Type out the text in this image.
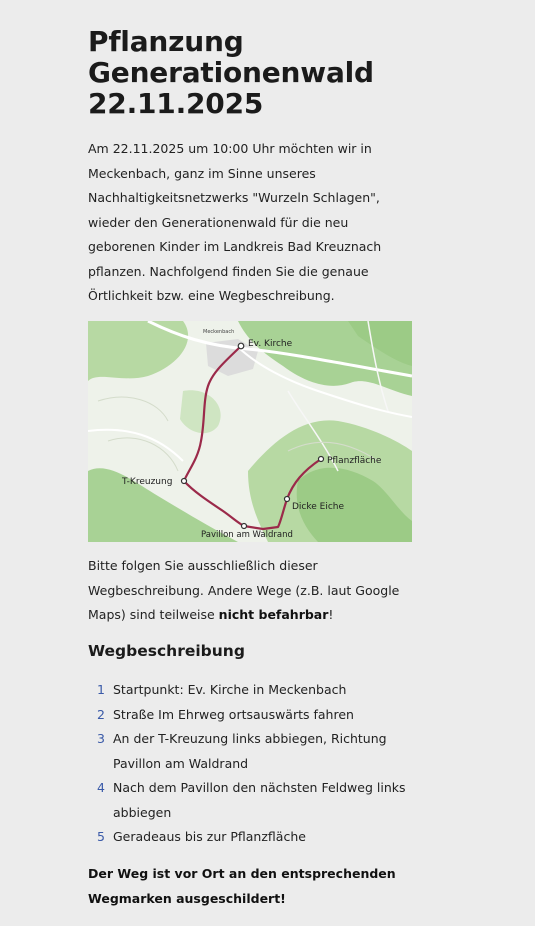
Pflanzung Generationenwald 22.11.2025

Am 22.11.2025 um 10:00 Uhr möchten wir in Meckenbach, ganz im Sinne unseres Nachhaltigkeitsnetzwerks "Wurzeln Schlagen", wieder den Generationenwald für die neu geborenen Kinder im Landkreis Bad Kreuznach pflanzen. Nachfolgend finden Sie die genaue Örtlichkeit bzw. eine Wegbeschreibung.

Meckenbach
Ev. Kirche
T-Kreuzung
Pavillon am Waldrand
Dicke Eiche
Pflanzfläche

Bitte folgen Sie ausschließlich dieser Wegbeschreibung. Andere Wege (z.B. laut Google Maps) sind teilweise nicht befahrbar!

Wegbeschreibung
1 Startpunkt: Ev. Kirche in Meckenbach
2 Straße Im Ehrweg ortsauswärts fahren
3 An der T-Kreuzung links abbiegen, Richtung Pavillon am Waldrand
4 Nach dem Pavillon den nächsten Feldweg links abbiegen
5 Geradeaus bis zur Pflanzfläche

Der Weg ist vor Ort an den entsprechenden Wegmarken ausgeschildert!
